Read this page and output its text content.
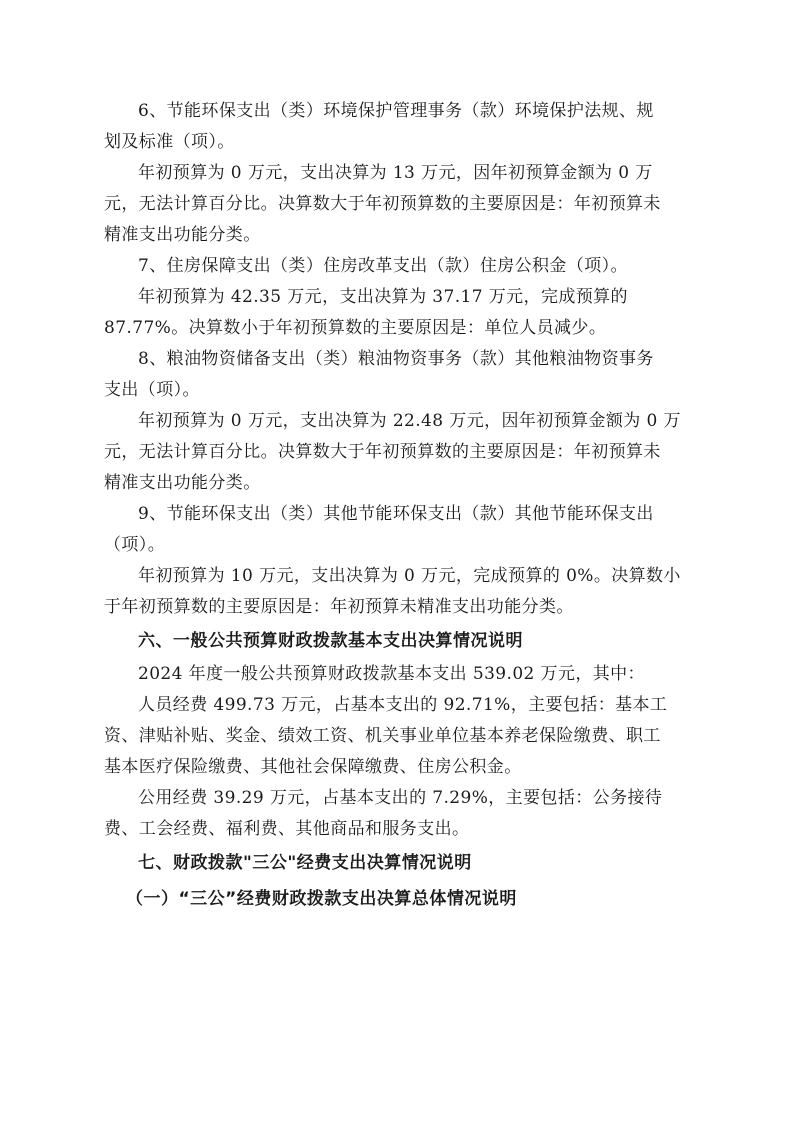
6、节能环保支出（类）环境保护管理事务（款）环境保护法规、规
划及标准（项）。
年初预算为 0 万元，支出决算为 13 万元，因年初预算金额为 0 万
元，无法计算百分比。决算数大于年初预算数的主要原因是：年初预算未
精准支出功能分类。
7、住房保障支出（类）住房改革支出（款）住房公积金（项）。
年初预算为 42.35 万元，支出决算为 37.17 万元，完成预算的
87.77%。决算数小于年初预算数的主要原因是：单位人员减少。
8、粮油物资储备支出（类）粮油物资事务（款）其他粮油物资事务
支出（项）。
年初预算为 0 万元，支出决算为 22.48 万元，因年初预算金额为 0 万
元，无法计算百分比。决算数大于年初预算数的主要原因是：年初预算未
精准支出功能分类。
9、节能环保支出（类）其他节能环保支出（款）其他节能环保支出
（项）。
年初预算为 10 万元，支出决算为 0 万元，完成预算的 0%。决算数小
于年初预算数的主要原因是：年初预算未精准支出功能分类。
六、一般公共预算财政拨款基本支出决算情况说明
2024 年度一般公共预算财政拨款基本支出 539.02 万元，其中：
人员经费 499.73 万元，占基本支出的 92.71%，主要包括：基本工
资、津贴补贴、奖金、绩效工资、机关事业单位基本养老保险缴费、职工
基本医疗保险缴费、其他社会保障缴费、住房公积金。
公用经费 39.29 万元，占基本支出的 7.29%，主要包括：公务接待
费、工会经费、福利费、其他商品和服务支出。
七、财政拨款"三公"经费支出决算情况说明
（一）“三公”经费财政拨款支出决算总体情况说明
